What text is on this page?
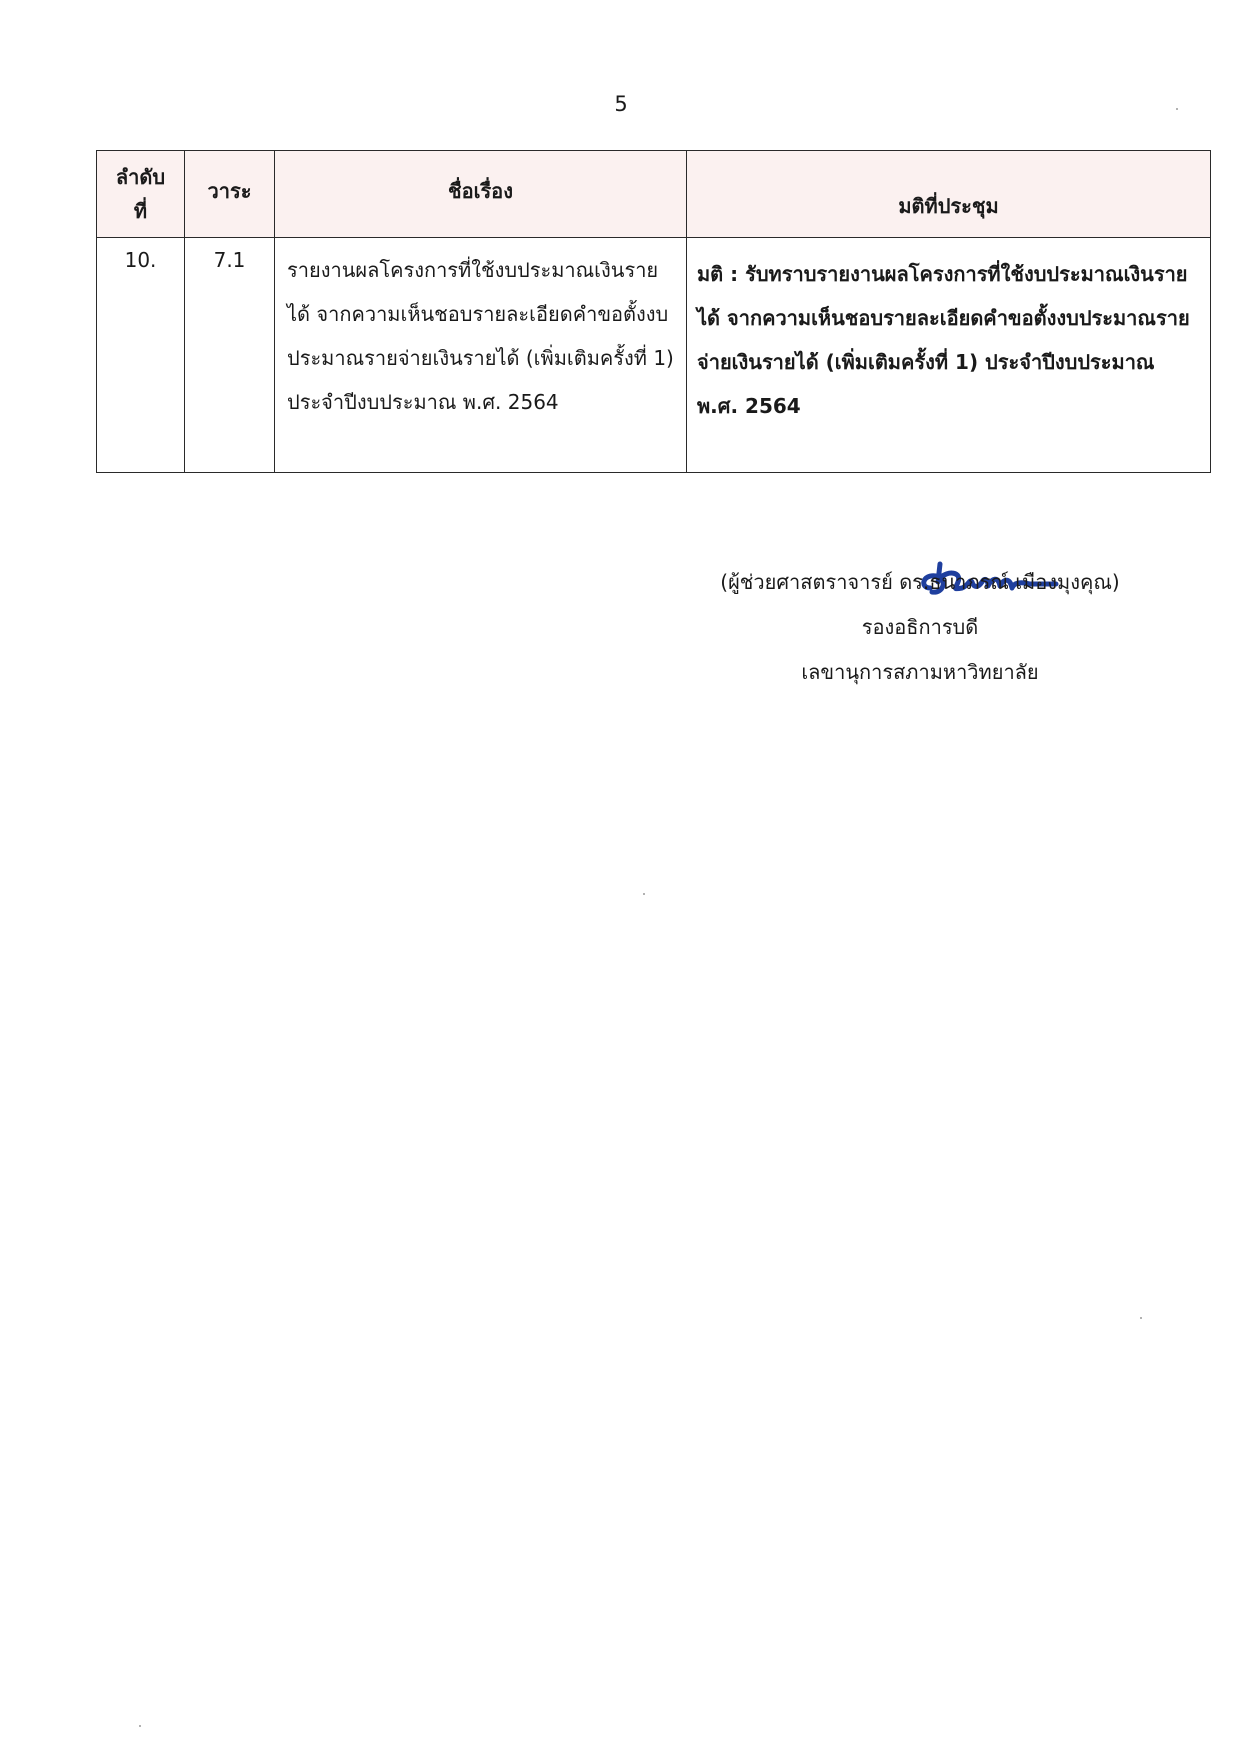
5
ลำดับ
ที่	วาระ	ชื่อเรื่อง	มติที่ประชุม

10.	7.1	รายงานผลโครงการที่ใช้งบประมาณเงินรายได้ จากความเห็นชอบรายละเอียดคำขอตั้งงบประมาณรายจ่ายเงินรายได้ (เพิ่มเติมครั้งที่ 1) ประจำปีงบประมาณ พ.ศ. 2564	มติ : รับทราบรายงานผลโครงการที่ใช้งบประมาณเงินรายได้ จากความเห็นชอบรายละเอียดคำขอตั้งงบประมาณรายจ่ายเงินรายได้ (เพิ่มเติมครั้งที่ 1) ประจำปีงบประมาณ พ.ศ. 2564
(ผู้ช่วยศาสตราจารย์ ดร.ธนาภรณ์ เมืองมุงคุณ)
รองอธิการบดี
เลขานุการสภามหาวิทยาลัย
